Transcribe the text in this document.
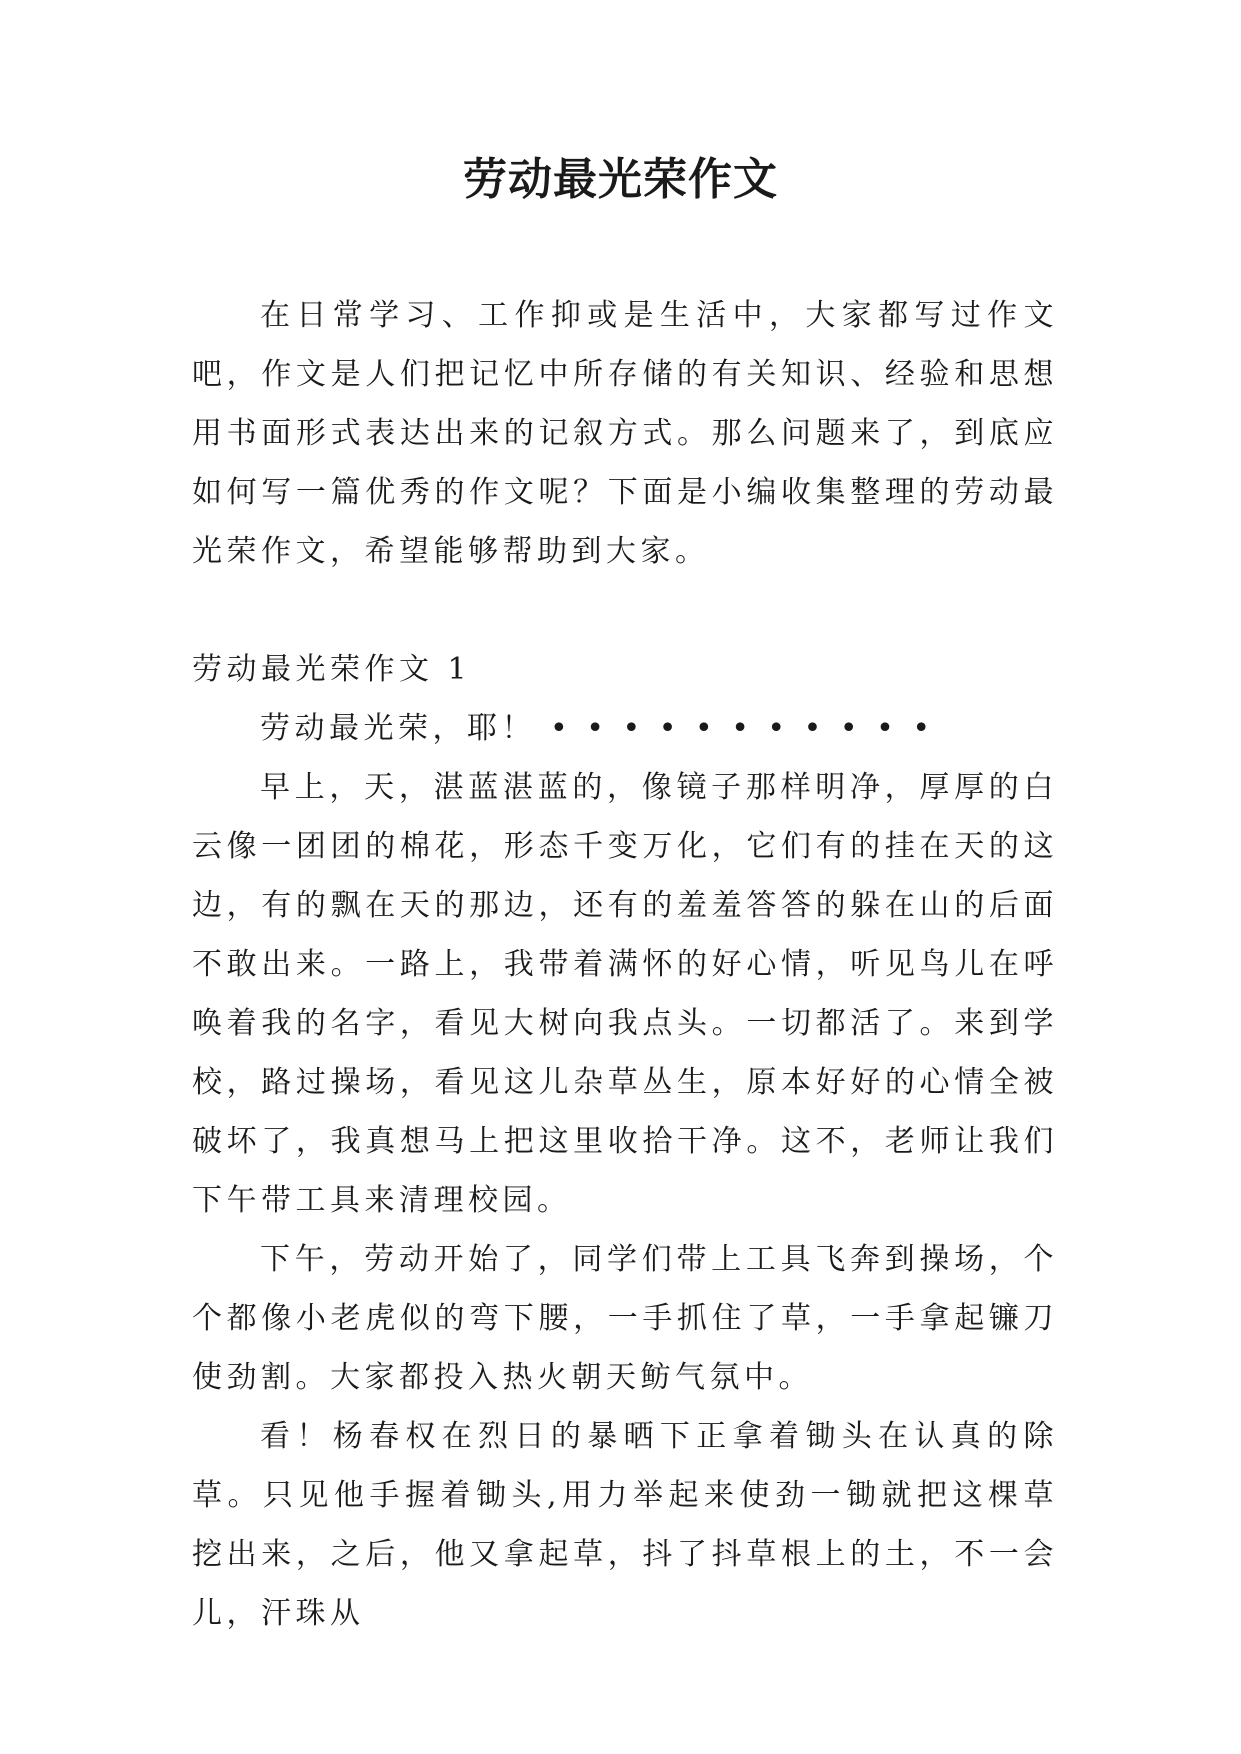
劳动最光荣作文

在日常学习、工作抑或是生活中，大家都写过作文吧，作文是人们把记忆中所存储的有关知识、经验和思想用书面形式表达出来的记叙方式。那么问题来了，到底应如何写一篇优秀的作文呢？下面是小编收集整理的劳动最光荣作文，希望能够帮助到大家。

劳动最光荣作文 1

劳动最光荣，耶！ • • • • • • • • • • •

早上，天，湛蓝湛蓝的，像镜子那样明净，厚厚的白云像一团团的棉花，形态千变万化，它们有的挂在天的这边，有的飘在天的那边，还有的羞羞答答的躲在山的后面不敢出来。一路上，我带着满怀的好心情，听见鸟儿在呼唤着我的名字，看见大树向我点头。一切都活了。来到学校，路过操场，看见这儿杂草丛生，原本好好的心情全被破坏了，我真想马上把这里收拾干净。这不，老师让我们下午带工具来清理校园。

下午，劳动开始了，同学们带上工具飞奔到操场，个个都像小老虎似的弯下腰，一手抓住了草，一手拿起镰刀使劲割。大家都投入热火朝天鲂气氛中。

看！杨春权在烈日的暴晒下正拿着锄头在认真的除草。只见他手握着锄头,用力举起来使劲一锄就把这棵草挖出来，之后，他又拿起草，抖了抖草根上的土，不一会儿，汗珠从
